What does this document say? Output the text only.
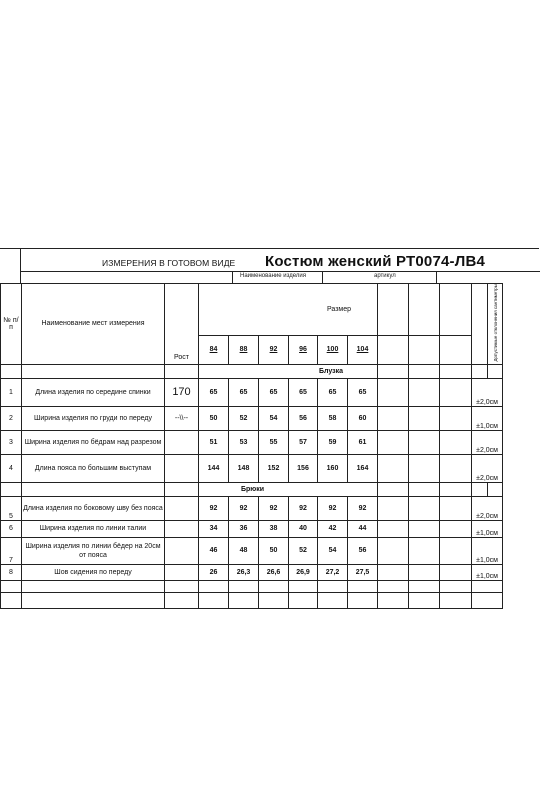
ИЗМЕРЕНИЯ В ГОТОВОМ ВИДЕ Костюм женский РТ0074-ЛВ4
Наименование изделия	артикул
№ п/п	Наименование мест измерения	Рост	Размер										Допустимые отклонения сантиметры
			84	88	92	96	100	104					
			Блузка										
1	Длина изделия по середине спинки	170	65	65	65	65	65	65				±2,0см	
2	Ширина изделия по груди по переду	--\\--	50	52	54	56	58	60				±1,0см	
3	Ширина изделия по бёдрам над разрезом		51	53	55	57	59	61				±2,0см	
4	Длина пояса по большим выступам		144	148	152	156	160	164				±2,0см	
			Брюки										
5	Длина изделия по боковому шву без пояса		92	92	92	92	92	92				±2,0см	
6	Ширина изделия по линии талии		34	36	38	40	42	44				±1,0см	
7	Ширина изделия по линии бёдер на 20см от пояса		46	48	50	52	54	56				±1,0см	
8	Шов сидения по переду		26	26,3	26,6	26,9	27,2	27,5				±1,0см	
